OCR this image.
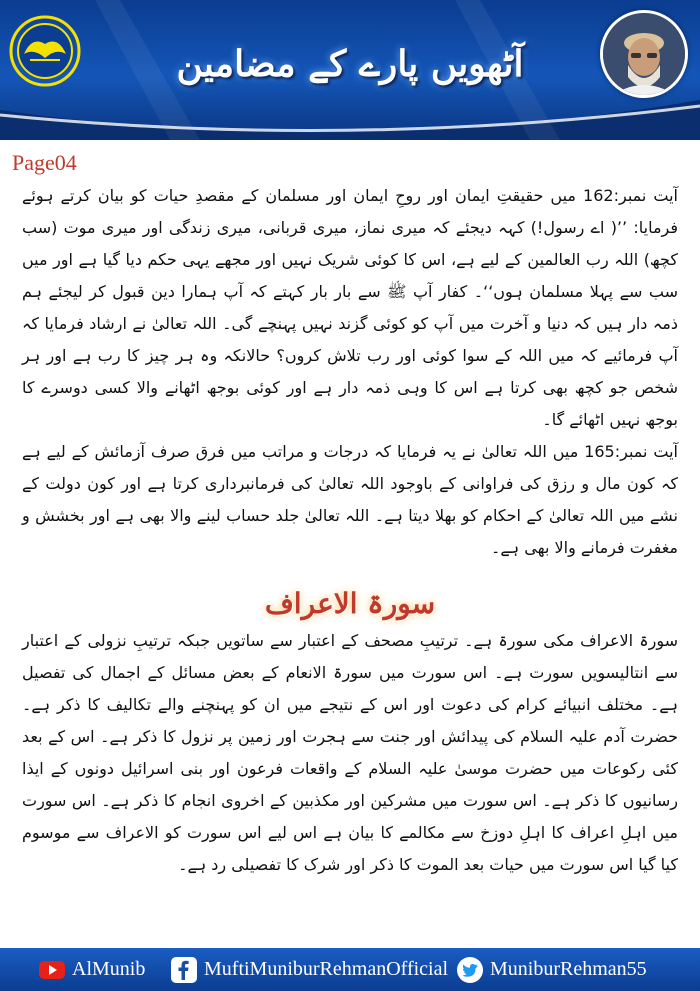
آٹھویں پارے کے مضامین
Page04

آیت نمبر:162 میں حقیقتِ ایمان اور روحِ ایمان اور مسلمان کے مقصدِ حیات کو بیان کرتے ہوئے فرمایا: ’’( اے رسول!) کہہ دیجئے کہ میری نماز، میری قربانی، میری زندگی اور میری موت (سب کچھ) اللہ رب العالمین کے لیے ہے، اس کا کوئی شریک نہیں اور مجھے یہی حکم دیا گیا ہے اور میں سب سے پہلا مسلمان ہوں‘‘۔ کفار آپ ﷺ سے بار بار کہتے کہ آپ ہمارا دین قبول کر لیجئے ہم ذمہ دار ہیں کہ دنیا و آخرت میں آپ کو کوئی گزند نہیں پہنچے گی۔ اللہ تعالیٰ نے ارشاد فرمایا کہ آپ فرمائیے کہ میں اللہ کے سوا کوئی اور رب تلاش کروں؟ حالانکہ وہ ہر چیز کا رب ہے اور ہر شخص جو کچھ بھی کرتا ہے اس کا وہی ذمہ دار ہے اور کوئی بوجھ اٹھانے والا کسی دوسرے کا بوجھ نہیں اٹھائے گا۔

آیت نمبر:165 میں اللہ تعالیٰ نے یہ فرمایا کہ درجات و مراتب میں فرق صرف آزمائش کے لیے ہے کہ کون مال و رزق کی فراوانی کے باوجود اللہ تعالیٰ کی فرمانبرداری کرتا ہے اور کون دولت کے نشے میں اللہ تعالیٰ کے احکام کو بھلا دیتا ہے۔ اللہ تعالیٰ جلد حساب لینے والا بھی ہے اور بخشش و مغفرت فرمانے والا بھی ہے۔

سورۃ الاعراف

سورۃ الاعراف مکی سورۃ ہے۔ ترتیبِ مصحف کے اعتبار سے ساتویں جبکہ ترتیبِ نزولی کے اعتبار سے انتالیسویں سورت ہے۔ اس سورت میں سورۃ الانعام کے بعض مسائل کے اجمال کی تفصیل ہے۔ مختلف انبیائے کرام کی دعوت اور اس کے نتیجے میں ان کو پہنچنے والے تکالیف کا ذکر ہے۔ حضرت آدم علیہ السلام کی پیدائش اور جنت سے ہجرت اور زمین پر نزول کا ذکر ہے۔ اس کے بعد کئی رکوعات میں حضرت موسیٰ علیہ السلام کے واقعات فرعون اور بنی اسرائیل دونوں کے ایذا رسانیوں کا ذکر ہے۔ اس سورت میں مشرکین اور مکذبین کے اخروی انجام کا ذکر ہے۔ اس سورت میں اہلِ اعراف کا اہلِ دوزخ سے مکالمے کا بیان ہے اس لیے اس سورت کو الاعراف سے موسوم کیا گیا اس سورت میں حیات بعد الموت کا ذکر اور شرک کا تفصیلی رد ہے۔

AlMunib	MuftiMuniburRehmanOfficial MuniburRehman55
